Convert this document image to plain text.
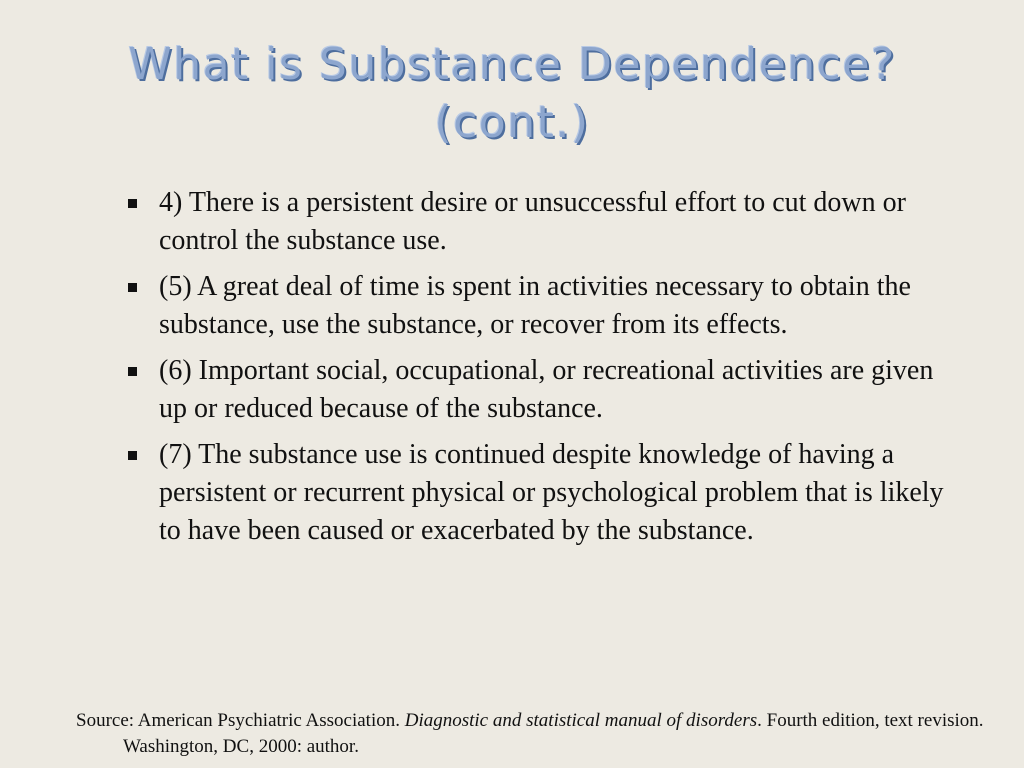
What is Substance Dependence?
(cont.)
4) There is a persistent desire or unsuccessful effort to cut down or control the substance use.
(5) A great deal of time is spent in activities necessary to obtain the substance, use the substance, or recover from its effects.
(6) Important social, occupational, or recreational activities are given up or reduced because of the substance.
(7) The substance use is continued despite knowledge of having a persistent or recurrent physical or psychological problem that is likely to have been caused or exacerbated by the substance.

Source: American Psychiatric Association. Diagnostic and statistical manual of disorders. Fourth edition, text revision. Washington, DC, 2000: author.
